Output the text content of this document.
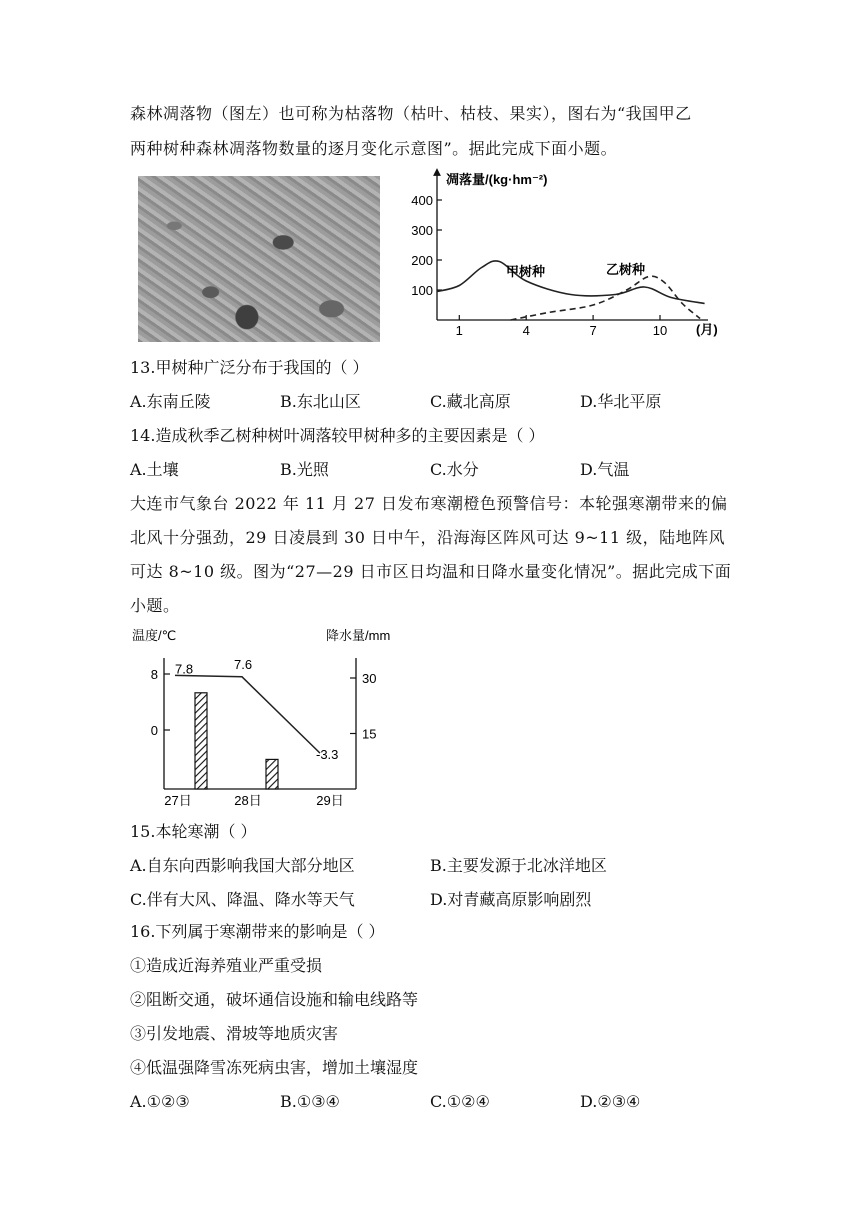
森林凋落物（图左）也可称为枯落物（枯叶、枯枝、果实），图右为“我国甲乙
两种树种森林凋落物数量的逐月变化示意图”。据此完成下面小题。
凋落量/(kg·hm⁻²)
(月)
400
300
200
100
1	4	7	10
甲树种	乙树种
13.甲树种广泛分布于我国的（ ）
A.东南丘陵	B.东北山区	C.藏北高原	D.华北平原
14.造成秋季乙树种树叶凋落较甲树种多的主要因素是（ ）
A.土壤	B.光照	C.水分	D.气温
大连市气象台 2022 年 11 月 27 日发布寒潮橙色预警信号：本轮强寒潮带来的偏
北风十分强劲，29 日凌晨到 30 日中午，沿海海区阵风可达 9~11 级，陆地阵风
可达 8~10 级。图为“27—29 日市区日均温和日降水量变化情况”。据此完成下面
小题。
温度/℃	降水量/mm
8
0
30
15
7.8	7.6
-3.3
27日	28日	29日
15.本轮寒潮（ ）
A.自东向西影响我国大部分地区	B.主要发源于北冰洋地区
C.伴有大风、降温、降水等天气	D.对青藏高原影响剧烈
16.下列属于寒潮带来的影响是（ ）
①造成近海养殖业严重受损
②阻断交通，破坏通信设施和输电线路等
③引发地震、滑坡等地质灾害
④低温强降雪冻死病虫害，增加土壤湿度
A.①②③	B.①③④	C.①②④	D.②③④
